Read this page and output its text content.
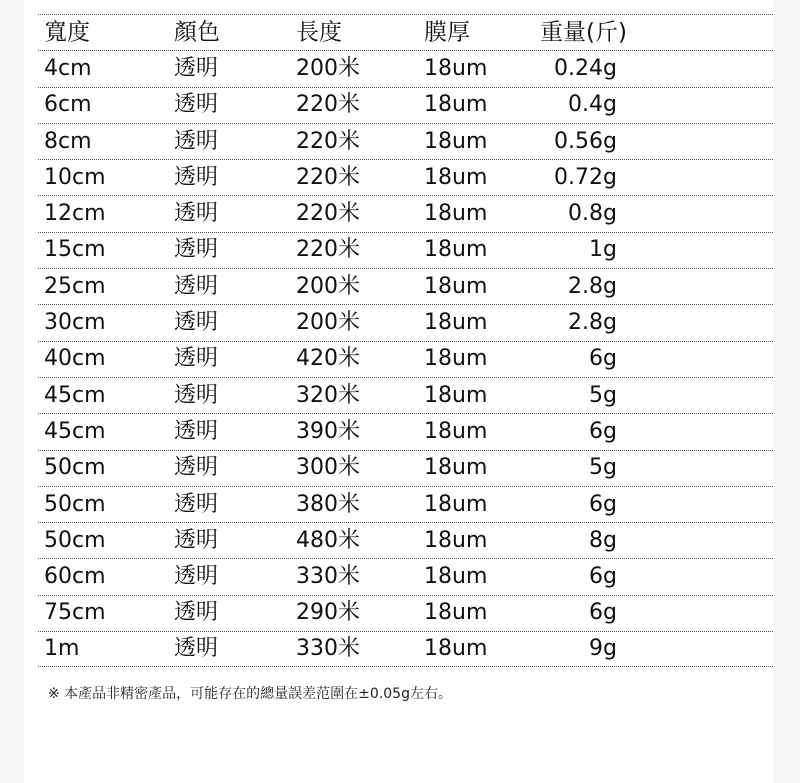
寬度	顏色	長度	膜厚	重量(斤)
4cm	透明	200米	18um	0.24g
6cm	透明	220米	18um	0.4g
8cm	透明	220米	18um	0.56g
10cm	透明	220米	18um	0.72g
12cm	透明	220米	18um	0.8g
15cm	透明	220米	18um	1g
25cm	透明	200米	18um	2.8g
30cm	透明	200米	18um	2.8g
40cm	透明	420米	18um	6g
45cm	透明	320米	18um	5g
45cm	透明	390米	18um	6g
50cm	透明	300米	18um	5g
50cm	透明	380米	18um	6g
50cm	透明	480米	18um	8g
60cm	透明	330米	18um	6g
75cm	透明	290米	18um	6g
1m	透明	330米	18um	9g
※ 本產品非精密產品，可能存在的總量誤差范圍在±0.05g左右。
